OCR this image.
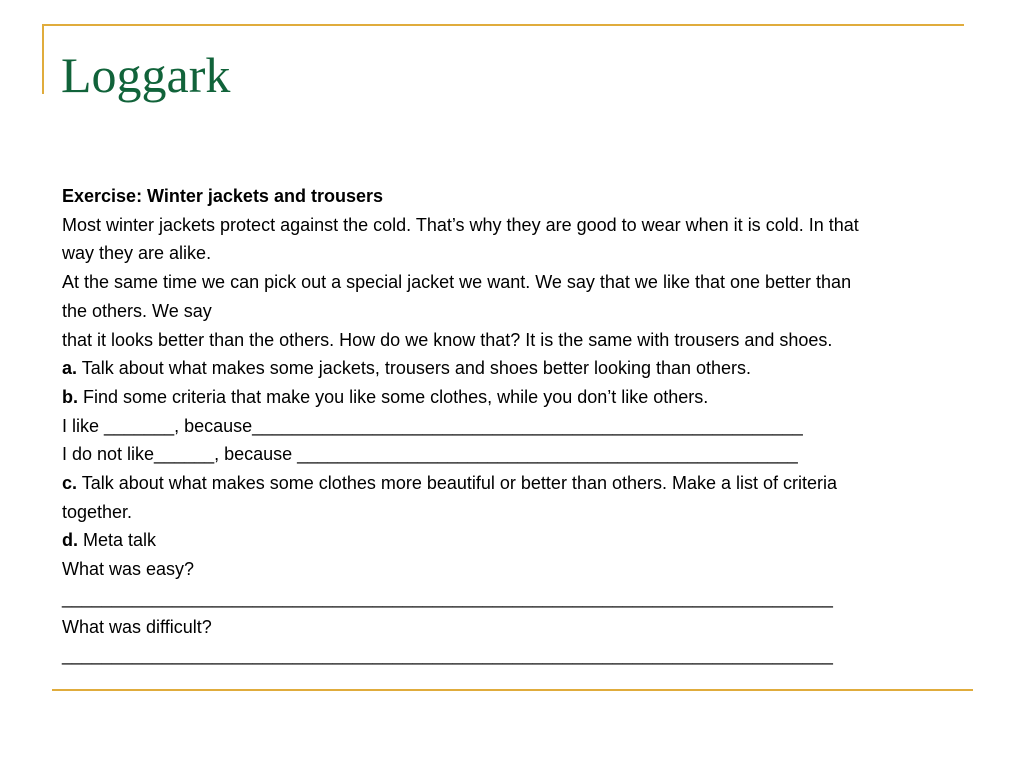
Loggark

Exercise: Winter jackets and trousers

Most winter jackets protect against the cold. That’s why they are good to wear when it is cold. In that

way they are alike.

At the same time we can pick out a special jacket we want. We say that we like that one better than

the others. We say

that it looks better than the others. How do we know that? It is the same with trousers and shoes.

a. Talk about what makes some jackets, trousers and shoes better looking than others.

b. Find some criteria that make you like some clothes, while you don’t like others.

I like _______, because_______________________________________________________

I do not like______, because __________________________________________________

c. Talk about what makes some clothes more beautiful or better than others. Make a list of criteria

together.

d. Meta talk

What was easy?

_____________________________________________________________________________

What was difficult?

_____________________________________________________________________________
